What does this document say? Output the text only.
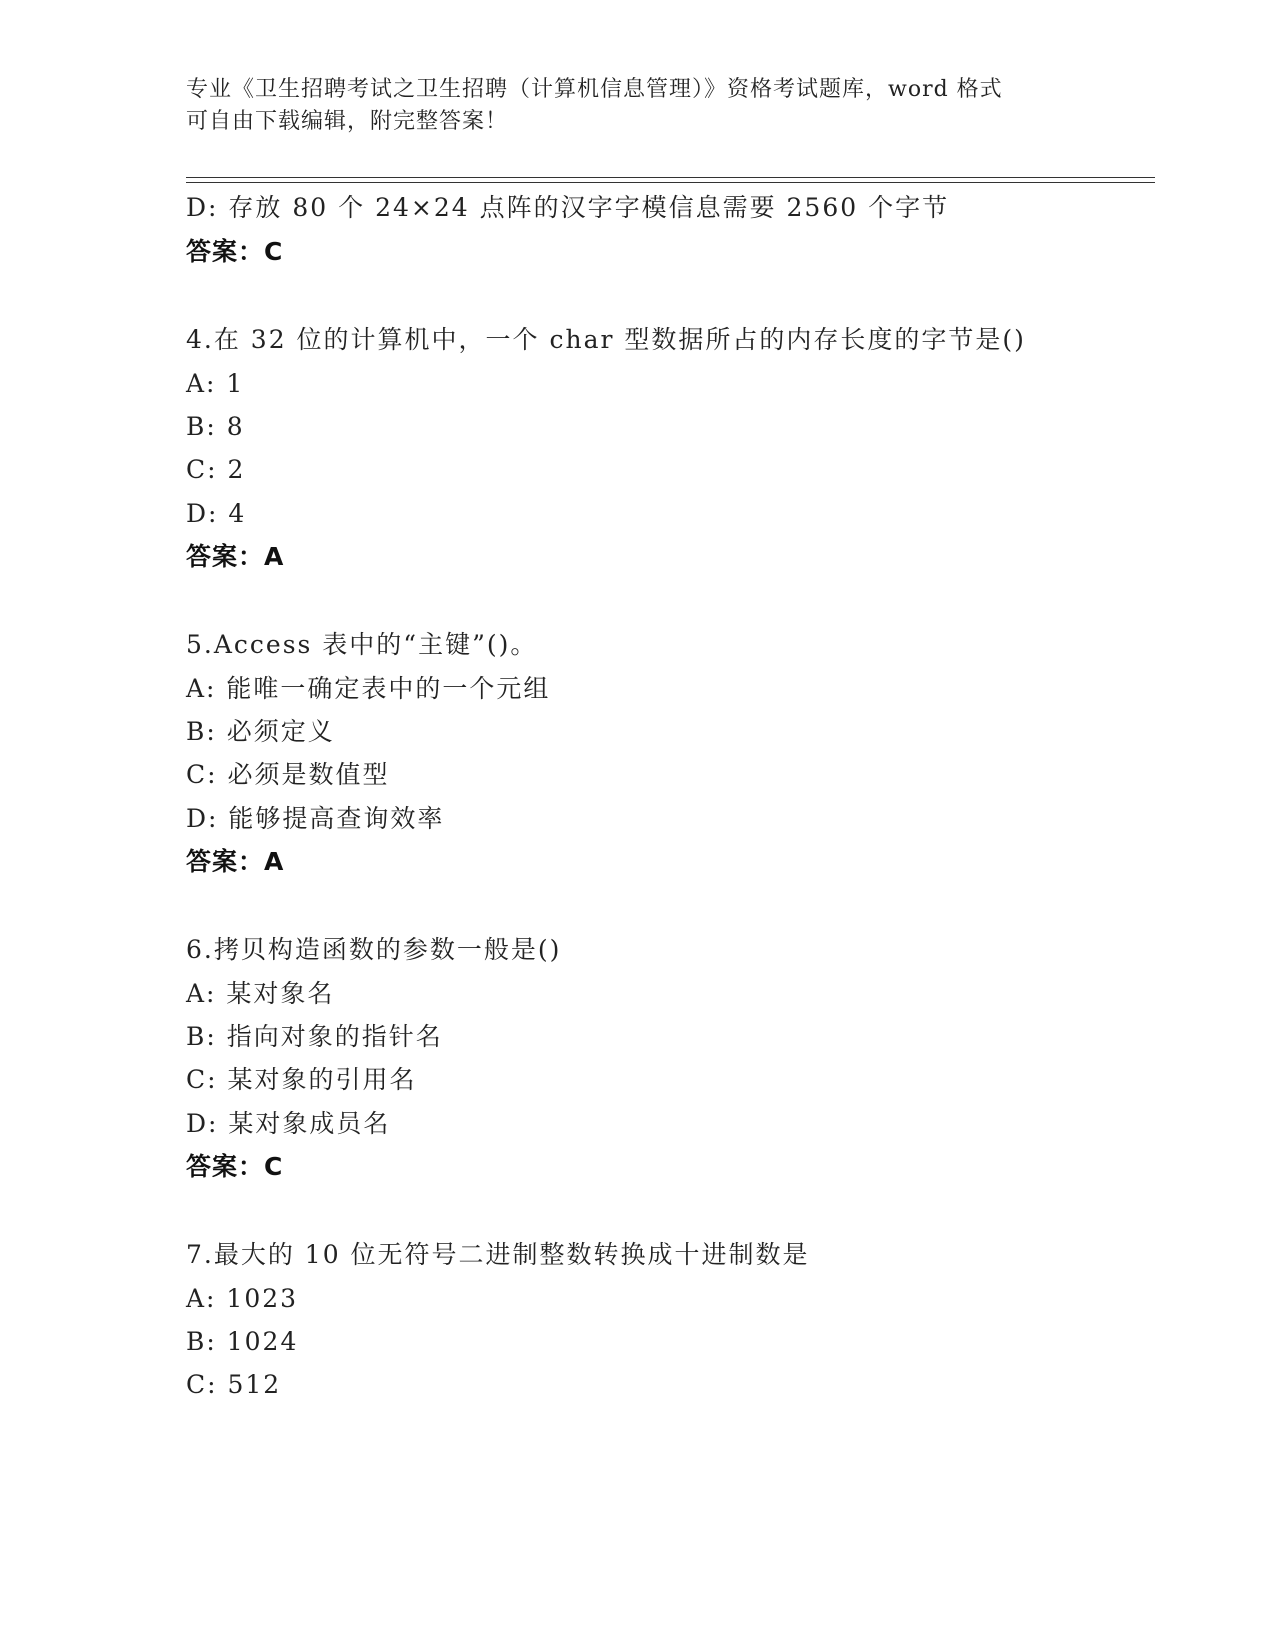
专业《卫生招聘考试之卫生招聘（计算机信息管理）》资格考试题库，word 格式
可自由下载编辑，附完整答案！
D: 存放 80 个 24×24 点阵的汉字字模信息需要 2560 个字节
答案：C
4.在 32 位的计算机中，一个 char 型数据所占的内存长度的字节是()
A: 1
B: 8
C: 2
D: 4
答案：A
5.Access 表中的“主键”()。
A: 能唯一确定表中的一个元组
B: 必须定义
C: 必须是数值型
D: 能够提高查询效率
答案：A
6.拷贝构造函数的参数一般是()
A: 某对象名
B: 指向对象的指针名
C: 某对象的引用名
D: 某对象成员名
答案：C
7.最大的 10 位无符号二进制整数转换成十进制数是
A: 1023
B: 1024
C: 512
